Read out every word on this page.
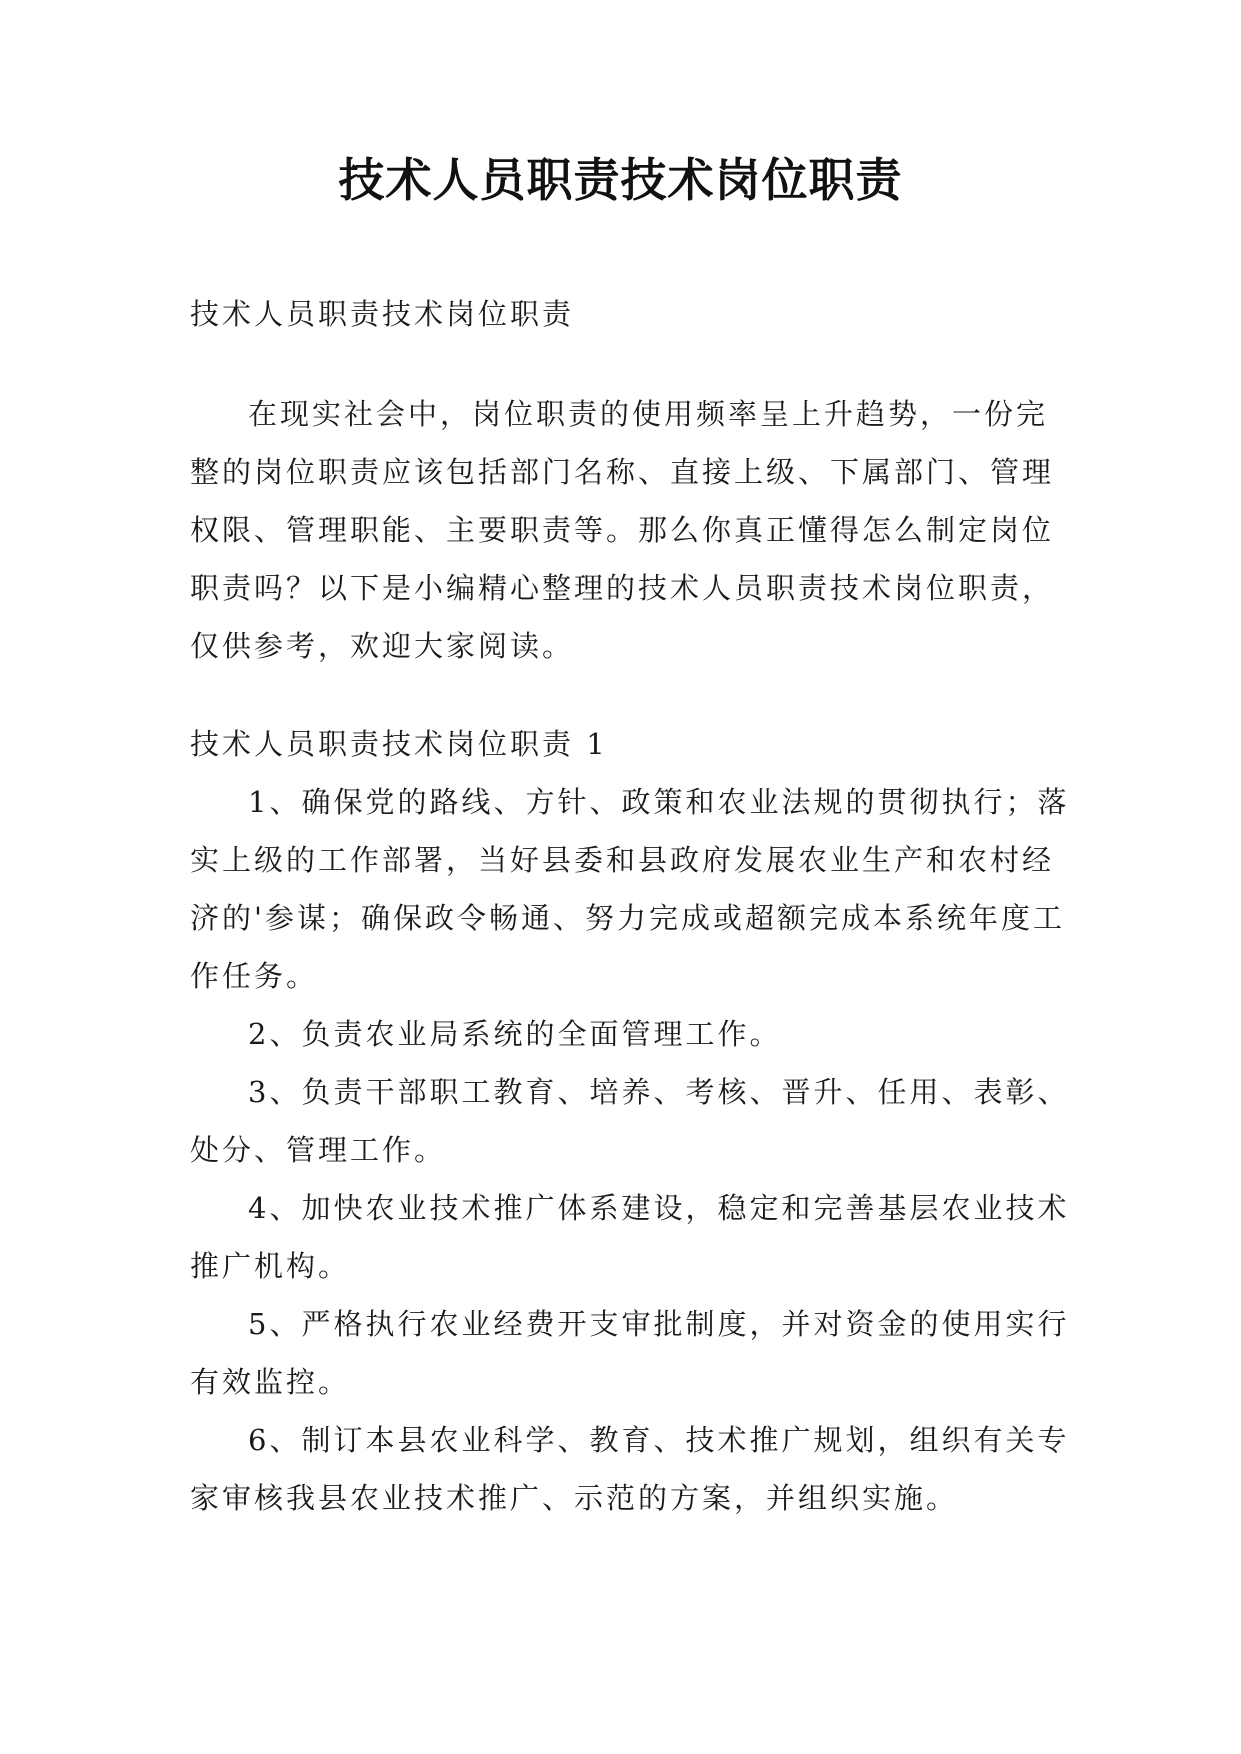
技术人员职责技术岗位职责

技术人员职责技术岗位职责

在现实社会中，岗位职责的使用频率呈上升趋势，一份完整的岗位职责应该包括部门名称、直接上级、下属部门、管理权限、管理职能、主要职责等。那么你真正懂得怎么制定岗位职责吗？以下是小编精心整理的技术人员职责技术岗位职责，仅供参考，欢迎大家阅读。

技术人员职责技术岗位职责 1

1、确保党的路线、方针、政策和农业法规的贯彻执行；落实上级的工作部署，当好县委和县政府发展农业生产和农村经济的'参谋；确保政令畅通、努力完成或超额完成本系统年度工作任务。

2、负责农业局系统的全面管理工作。

3、负责干部职工教育、培养、考核、晋升、任用、表彰、处分、管理工作。

4、加快农业技术推广体系建设，稳定和完善基层农业技术推广机构。

5、严格执行农业经费开支审批制度，并对资金的使用实行有效监控。

6、制订本县农业科学、教育、技术推广规划，组织有关专家审核我县农业技术推广、示范的方案，并组织实施。
